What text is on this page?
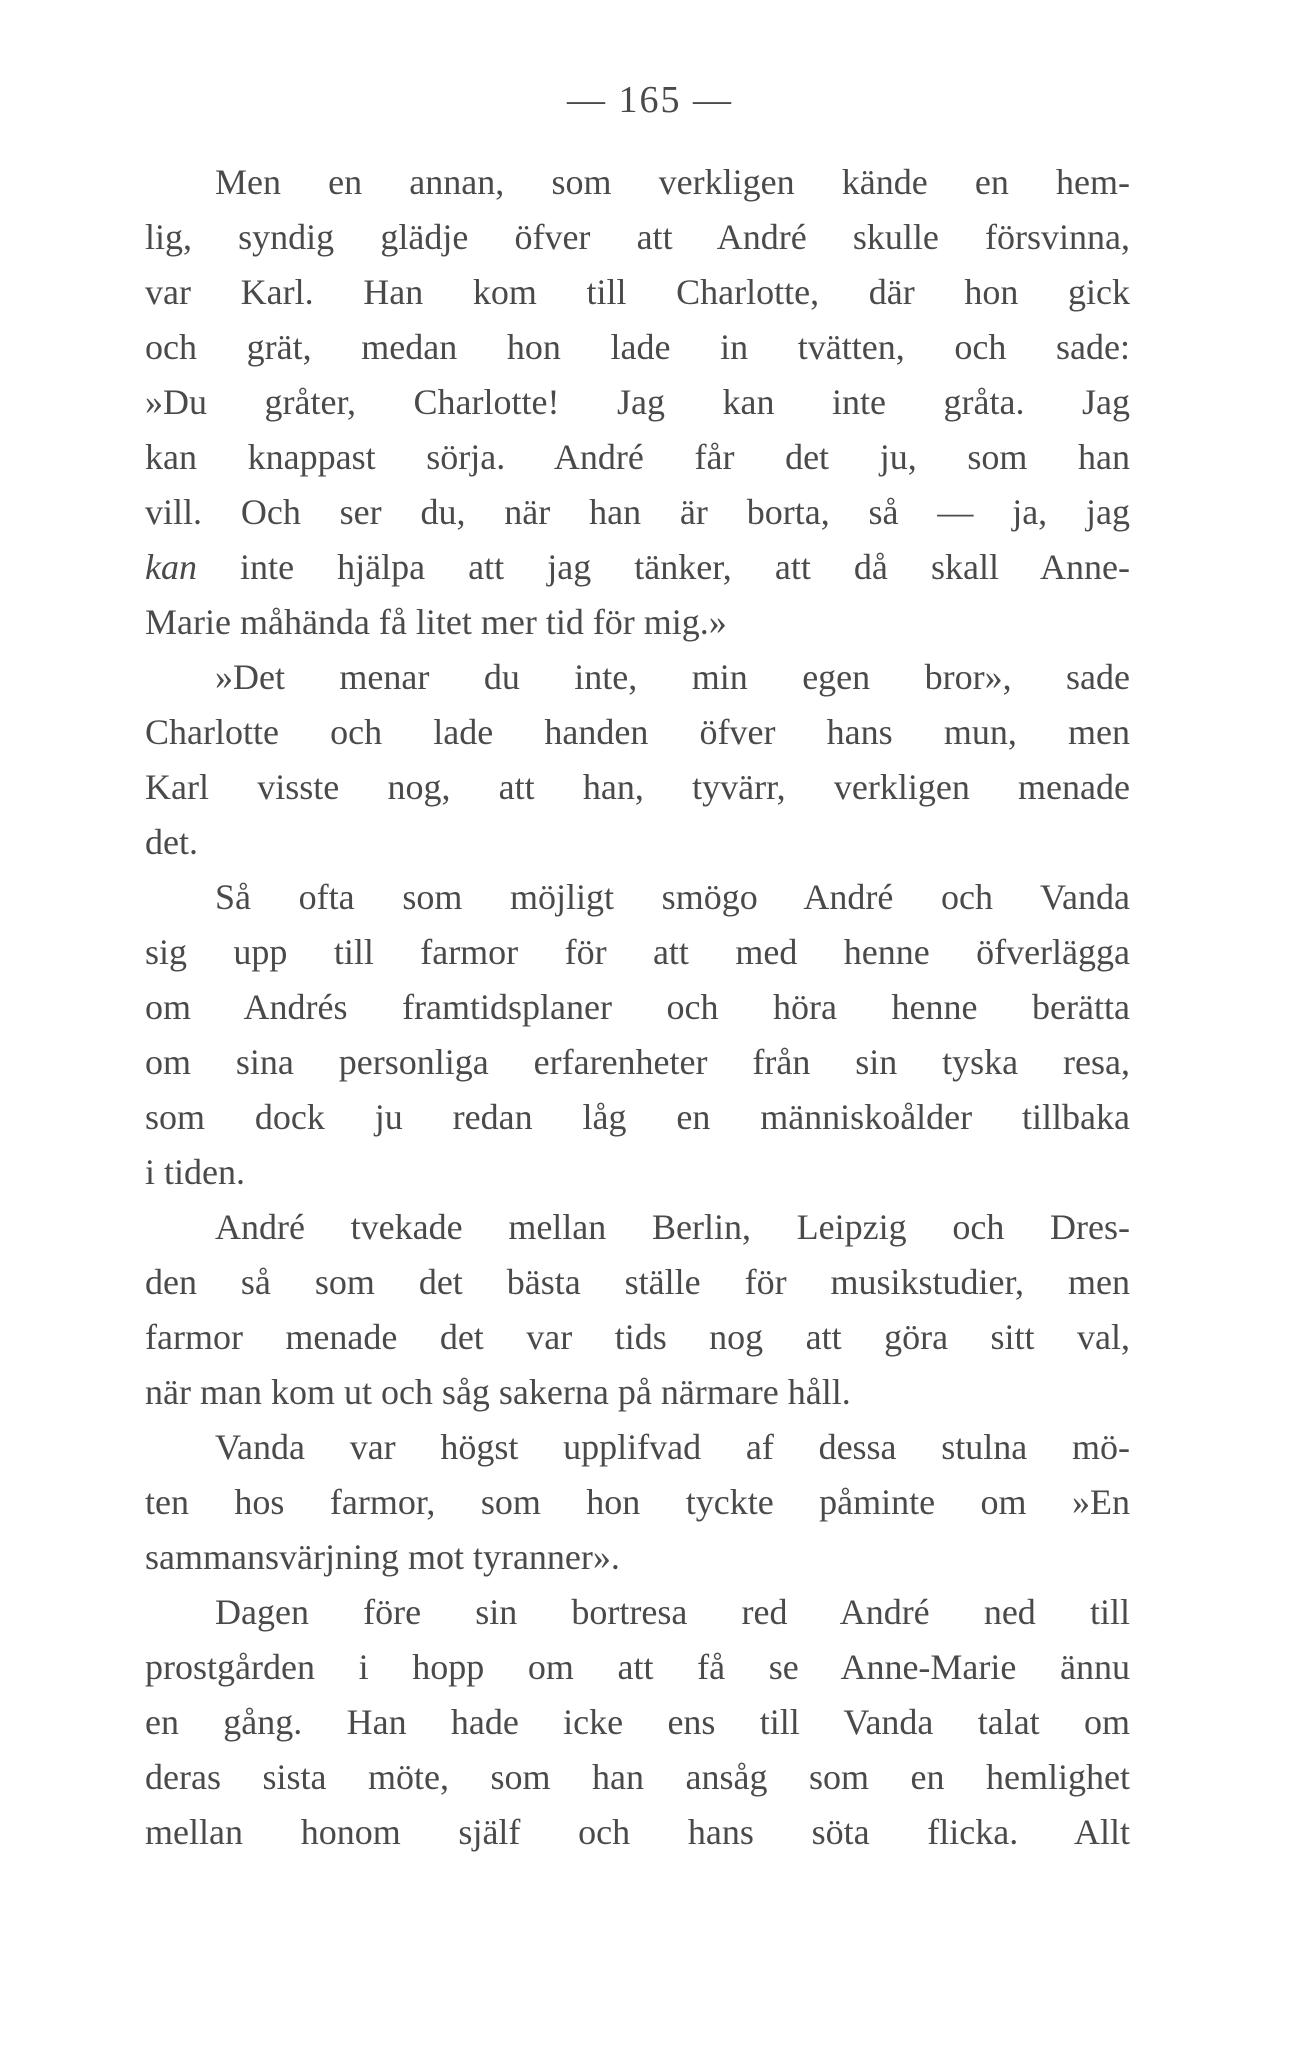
— 165 —
Men en annan, som verkligen kände en hem-
lig, syndig glädje öfver att André skulle försvinna,
var Karl. Han kom till Charlotte, där hon gick
och grät, medan hon lade in tvätten, och sade:
»Du gråter, Charlotte! Jag kan inte gråta. Jag
kan knappast sörja. André får det ju, som han
vill. Och ser du, när han är borta, så — ja, jag
kan inte hjälpa att jag tänker, att då skall Anne-
Marie måhända få litet mer tid för mig.»
»Det menar du inte, min egen bror», sade
Charlotte och lade handen öfver hans mun, men
Karl visste nog, att han, tyvärr, verkligen menade
det.
Så ofta som möjligt smögo André och Vanda
sig upp till farmor för att med henne öfverlägga
om Andrés framtidsplaner och höra henne berätta
om sina personliga erfarenheter från sin tyska resa,
som dock ju redan låg en människoålder tillbaka
i tiden.
André tvekade mellan Berlin, Leipzig och Dres-
den så som det bästa ställe för musikstudier, men
farmor menade det var tids nog att göra sitt val,
när man kom ut och såg sakerna på närmare håll.
Vanda var högst upplifvad af dessa stulna mö-
ten hos farmor, som hon tyckte påminte om »En
sammansvärjning mot tyranner».
Dagen före sin bortresa red André ned till
prostgården i hopp om att få se Anne-Marie ännu
en gång. Han hade icke ens till Vanda talat om
deras sista möte, som han ansåg som en hemlighet
mellan honom själf och hans söta flicka. Allt
